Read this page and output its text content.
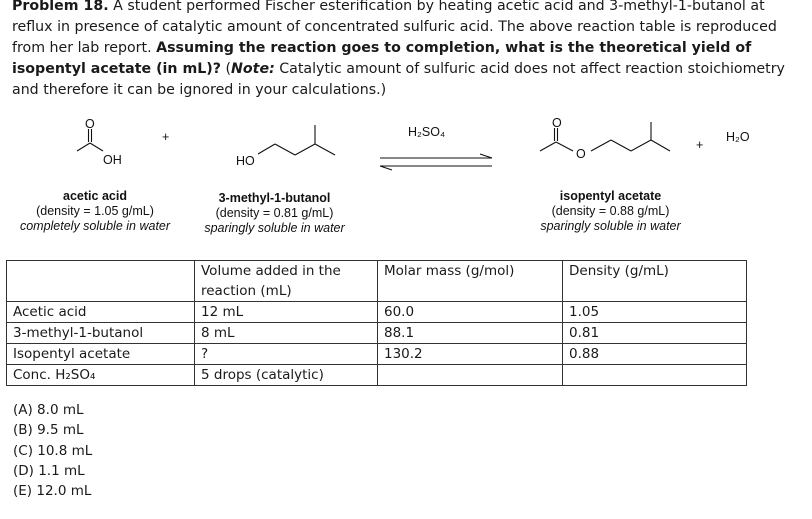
Problem 18. A student performed Fischer esterification by heating acetic acid and 3-methyl-1-butanol at reflux in presence of catalytic amount of concentrated sulfuric acid. The above reaction table is reproduced from her lab report. Assuming the reaction goes to completion, what is the theoretical yield of isopentyl acetate (in mL)? (Note: Catalytic amount of sulfuric acid does not affect reaction stoichiometry and therefore it can be ignored in your calculations.)
O
OH
+
HO
H₂SO₄
O
O
+
H₂O
acetic acid
(density = 1.05 g/mL)
completely soluble in water
3-methyl-1-butanol
(density = 0.81 g/mL)
sparingly soluble in water
isopentyl acetate
(density = 0.88 g/mL)
sparingly soluble in water
	Volume added in the reaction (mL)	Molar mass (g/mol)	Density (g/mL)
Acetic acid	12 mL	60.0	1.05
3-methyl-1-butanol	8 mL	88.1	0.81
Isopentyl acetate	?	130.2	0.88
Conc. H₂SO₄	5 drops (catalytic)		
(A) 8.0 mL
(B) 9.5 mL
(C) 10.8 mL
(D) 1.1 mL
(E) 12.0 mL
